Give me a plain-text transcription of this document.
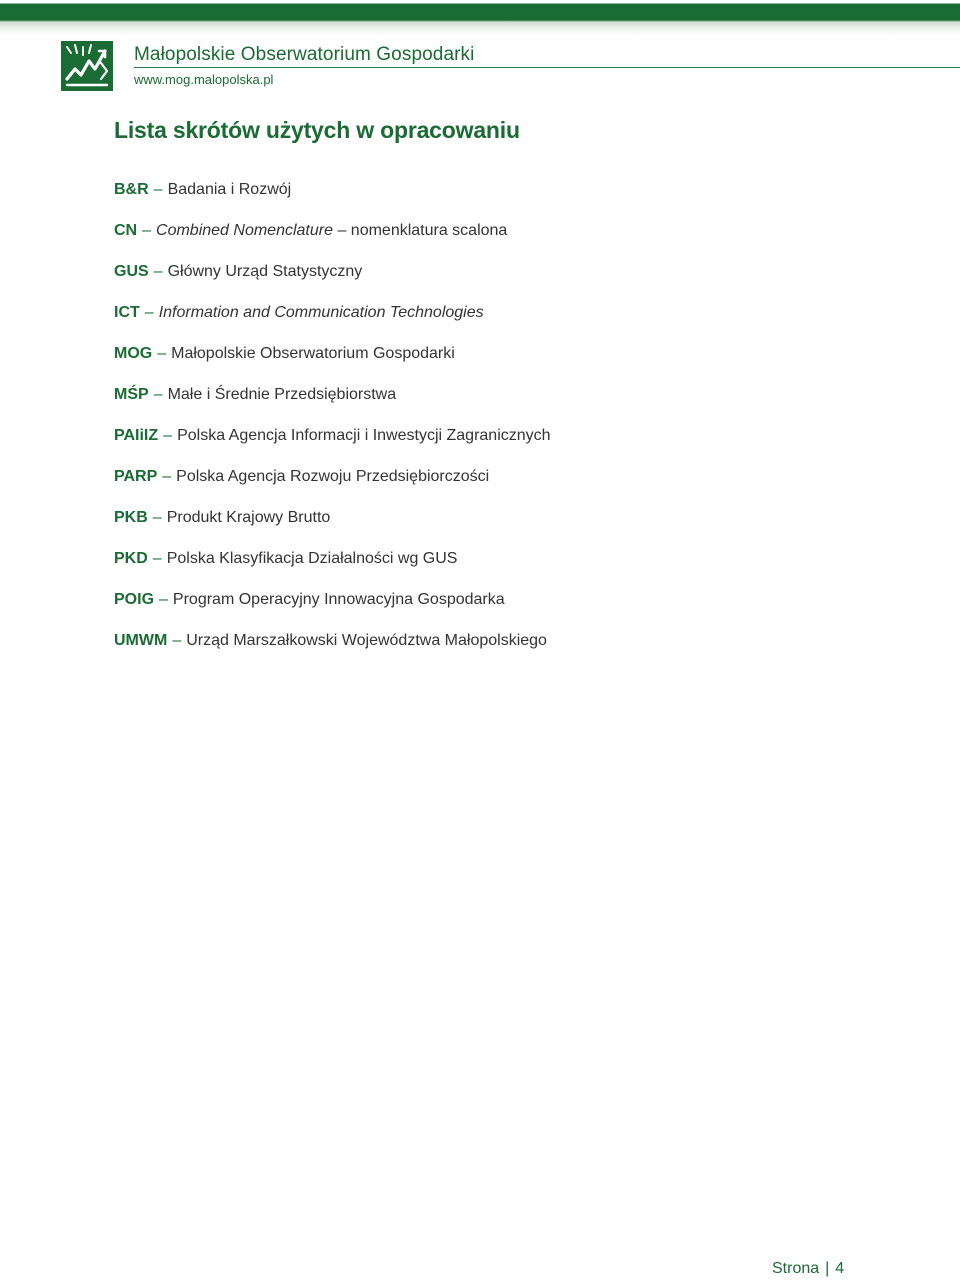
Małopolskie Obserwatorium Gospodarki
www.mog.malopolska.pl
Lista skrótów użytych w opracowaniu
B&R – Badania i Rozwój
CN – Combined Nomenclature – nomenklatura scalona
GUS – Główny Urząd Statystyczny
ICT – Information and Communication Technologies
MOG – Małopolskie Obserwatorium Gospodarki
MŚP – Małe i Średnie Przedsiębiorstwa
PAIiIZ – Polska Agencja Informacji i Inwestycji Zagranicznych
PARP – Polska Agencja Rozwoju Przedsiębiorczości
PKB – Produkt Krajowy Brutto
PKD – Polska Klasyfikacja Działalności wg GUS
POIG – Program Operacyjny Innowacyjna Gospodarka
UMWM – Urząd Marszałkowski Województwa Małopolskiego
Strona | 4
